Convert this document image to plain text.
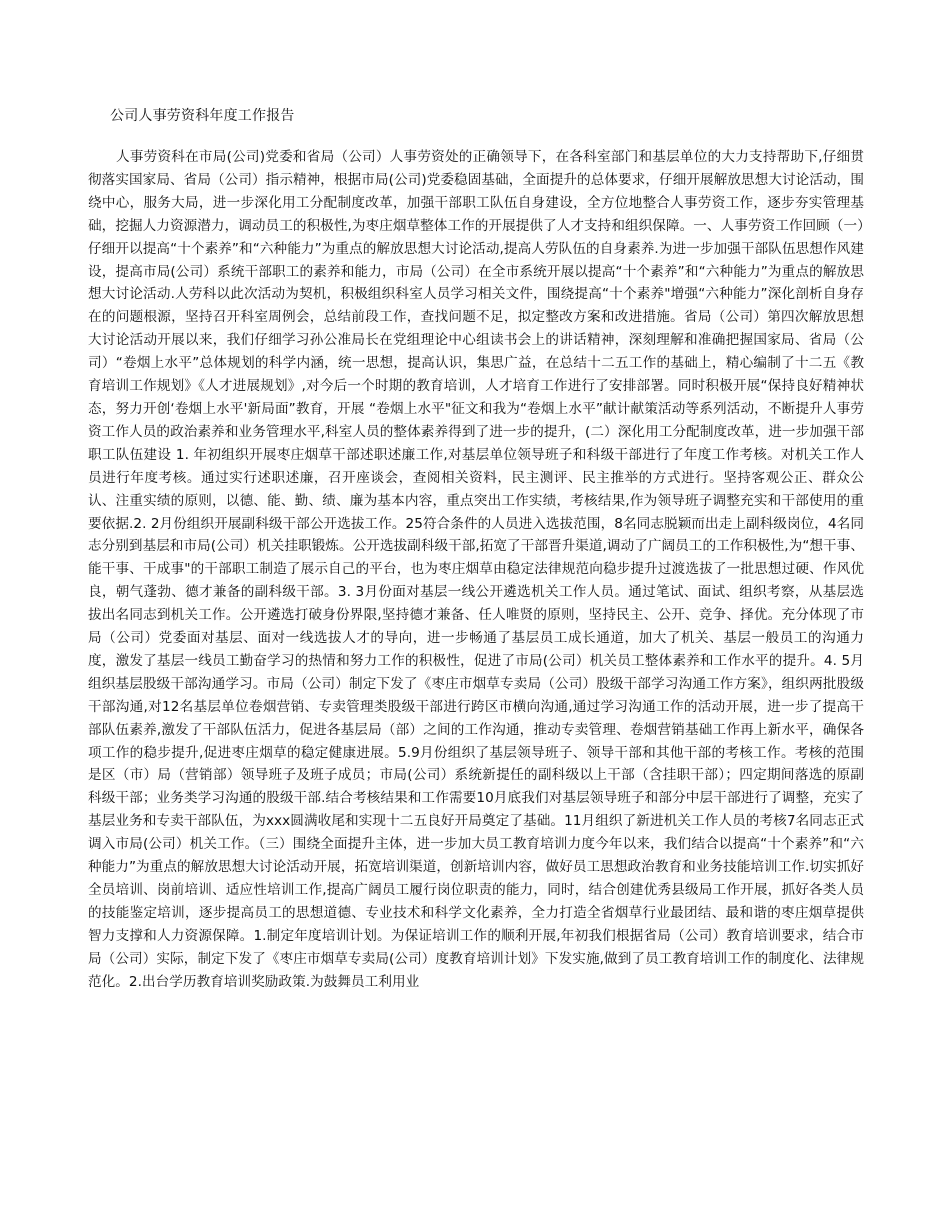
公司人事劳资科年度工作报告

人事劳资科在市局(公司)党委和省局（公司）人事劳资处的正确领导下，在各科室部门和基层单位的大力支持帮助下,仔细贯彻落实国家局、省局（公司）指示精神，根据市局(公司)党委稳固基础，全面提升的总体要求，仔细开展解放思想大讨论活动，围绕中心，服务大局，进一步深化用工分配制度改革，加强干部职工队伍自身建设，全方位地整合人事劳资工作，逐步夯实管理基础，挖掘人力资源潜力，调动员工的积极性,为枣庄烟草整体工作的开展提供了人才支持和组织保障。一、人事劳资工作回顾（一）仔细开以提高“十个素养”和“六种能力”为重点的解放思想大讨论活动,提高人劳队伍的自身素养.为进一步加强干部队伍思想作风建设，提高市局(公司）系统干部职工的素养和能力，市局（公司）在全市系统开展以提高“十个素养”和“六种能力”为重点的解放思想大讨论活动.人劳科以此次活动为契机，积极组织科室人员学习相关文件，围绕提高“十个素养"增强“六种能力”深化剖析自身存在的问题根源，坚持召开科室周例会，总结前段工作，查找问题不足，拟定整改方案和改进措施。省局（公司）第四次解放思想大讨论活动开展以来，我们仔细学习孙公准局长在党组理论中心组读书会上的讲话精神，深刻理解和准确把握国家局、省局（公司）“卷烟上水平”总体规划的科学内涵，统一思想，提高认识，集思广益，在总结十二五工作的基础上，精心编制了十二五《教育培训工作规划》《人才进展规划》,对今后一个时期的教育培训，人才培育工作进行了安排部署。同时积极开展“保持良好精神状态，努力开创‘卷烟上水平'新局面”教育，开展 “卷烟上水平"征文和我为“卷烟上水平”献计献策活动等系列活动，不断提升人事劳资工作人员的政治素养和业务管理水平,科室人员的整体素养得到了进一步的提升，(二）深化用工分配制度改革，进一步加强干部职工队伍建设 1. 年初组织开展枣庄烟草干部述职述廉工作,对基层单位领导班子和科级干部进行了年度工作考核。对机关工作人员进行年度考核。通过实行述职述廉，召开座谈会，查阅相关资料，民主测评、民主推举的方式进行。坚持客观公正、群众公认、注重实绩的原则，以德、能、勤、绩、廉为基本内容，重点突出工作实绩，考核结果,作为领导班子调整充实和干部使用的重要依据.2. 2月份组织开展副科级干部公开选拔工作。25符合条件的人员进入选拔范围，8名同志脱颖而出走上副科级岗位，4名同志分别到基层和市局(公司）机关挂职锻炼。公开选拔副科级干部,拓宽了干部晋升渠道,调动了广阔员工的工作积极性,为“想干事、能干事、干成事"的干部职工制造了展示自己的平台，也为枣庄烟草由稳定法律规范向稳步提升过渡选拔了一批思想过硬、作风优良，朝气蓬勃、德才兼备的副科级干部。3. 3月份面对基层一线公开遴选机关工作人员。通过笔试、面试、组织考察，从基层选拔出名同志到机关工作。公开遴选打破身份界限,坚持德才兼备、任人唯贤的原则，坚持民主、公开、竞争、择优。充分体现了市局（公司）党委面对基层、面对一线选拔人才的导向，进一步畅通了基层员工成长通道，加大了机关、基层一般员工的沟通力度，激发了基层一线员工勤奋学习的热情和努力工作的积极性，促进了市局(公司）机关员工整体素养和工作水平的提升。4. 5月组织基层股级干部沟通学习。市局（公司）制定下发了《枣庄市烟草专卖局（公司）股级干部学习沟通工作方案》，组织两批股级干部沟通,对12名基层单位卷烟营销、专卖管理类股级干部进行跨区市横向沟通,通过学习沟通工作的活动开展，进一步了提高干部队伍素养,激发了干部队伍活力，促进各基层局（部）之间的工作沟通，推动专卖管理、卷烟营销基础工作再上新水平，确保各项工作的稳步提升,促进枣庄烟草的稳定健康进展。5.9月份组织了基层领导班子、领导干部和其他干部的考核工作。考核的范围是区（市）局（营销部）领导班子及班子成员；市局(公司）系统新提任的副科级以上干部（含挂职干部）；四定期间落选的原副科级干部；业务类学习沟通的股级干部.结合考核结果和工作需要10月底我们对基层领导班子和部分中层干部进行了调整，充实了基层业务和专卖干部队伍，为xxx圆满收尾和实现十二五良好开局奠定了基础。11月组织了新进机关工作人员的考核7名同志正式调入市局(公司）机关工作。（三）围绕全面提升主体，进一步加大员工教育培训力度今年以来，我们结合以提高“十个素养”和“六种能力”为重点的解放思想大讨论活动开展，拓宽培训渠道，创新培训内容，做好员工思想政治教育和业务技能培训工作.切实抓好全员培训、岗前培训、适应性培训工作,提高广阔员工履行岗位职责的能力，同时，结合创建优秀县级局工作开展，抓好各类人员的技能鉴定培训，逐步提高员工的思想道德、专业技术和科学文化素养，全力打造全省烟草行业最团结、最和谐的枣庄烟草提供智力支撑和人力资源保障。1.制定年度培训计划。为保证培训工作的顺利开展,年初我们根据省局（公司）教育培训要求，结合市局（公司）实际，制定下发了《枣庄市烟草专卖局(公司）度教育培训计划》下发实施,做到了员工教育培训工作的制度化、法律规范化。2.出台学历教育培训奖励政策.为鼓舞员工利用业
